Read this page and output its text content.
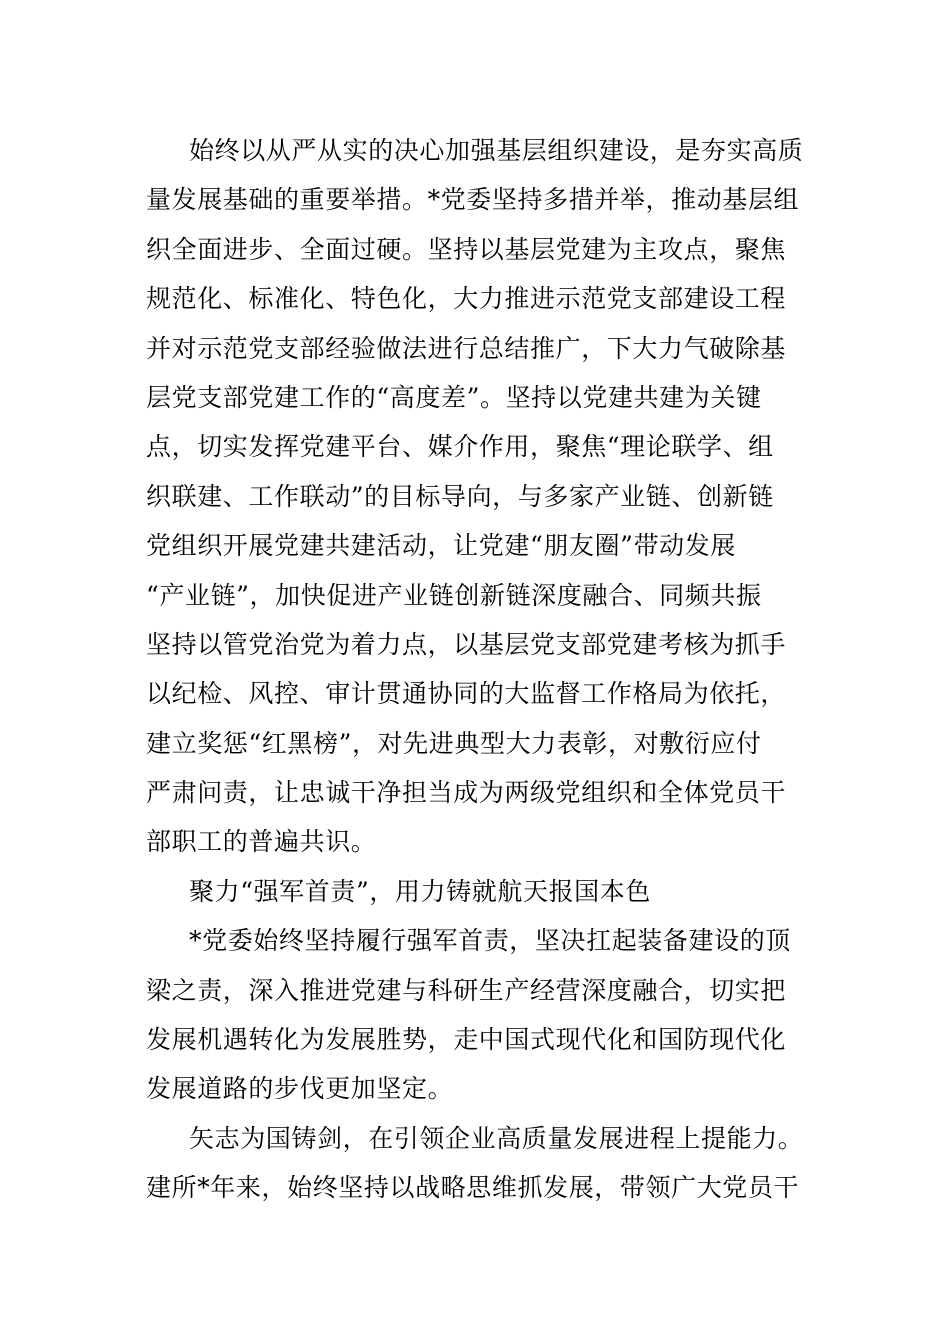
始终以从严从实的决心加强基层组织建设，是夯实高质
量发展基础的重要举措。*党委坚持多措并举，推动基层组
织全面进步、全面过硬。坚持以基层党建为主攻点，聚焦
规范化、标准化、特色化，大力推进示范党支部建设工程
并对示范党支部经验做法进行总结推广，下大力气破除基
层党支部党建工作的“高度差”。坚持以党建共建为关键
点，切实发挥党建平台、媒介作用，聚焦“理论联学、组
织联建、工作联动”的目标导向，与多家产业链、创新链
党组织开展党建共建活动，让党建“朋友圈”带动发展
“产业链”，加快促进产业链创新链深度融合、同频共振
坚持以管党治党为着力点，以基层党支部党建考核为抓手
以纪检、风控、审计贯通协同的大监督工作格局为依托，
建立奖惩“红黑榜”，对先进典型大力表彰，对敷衍应付
严肃问责，让忠诚干净担当成为两级党组织和全体党员干
部职工的普遍共识。
聚力“强军首责”，用力铸就航天报国本色
*党委始终坚持履行强军首责，坚决扛起装备建设的顶
梁之责，深入推进党建与科研生产经营深度融合，切实把
发展机遇转化为发展胜势，走中国式现代化和国防现代化
发展道路的步伐更加坚定。
矢志为国铸剑，在引领企业高质量发展进程上提能力。
建所*年来，始终坚持以战略思维抓发展，带领广大党员干
